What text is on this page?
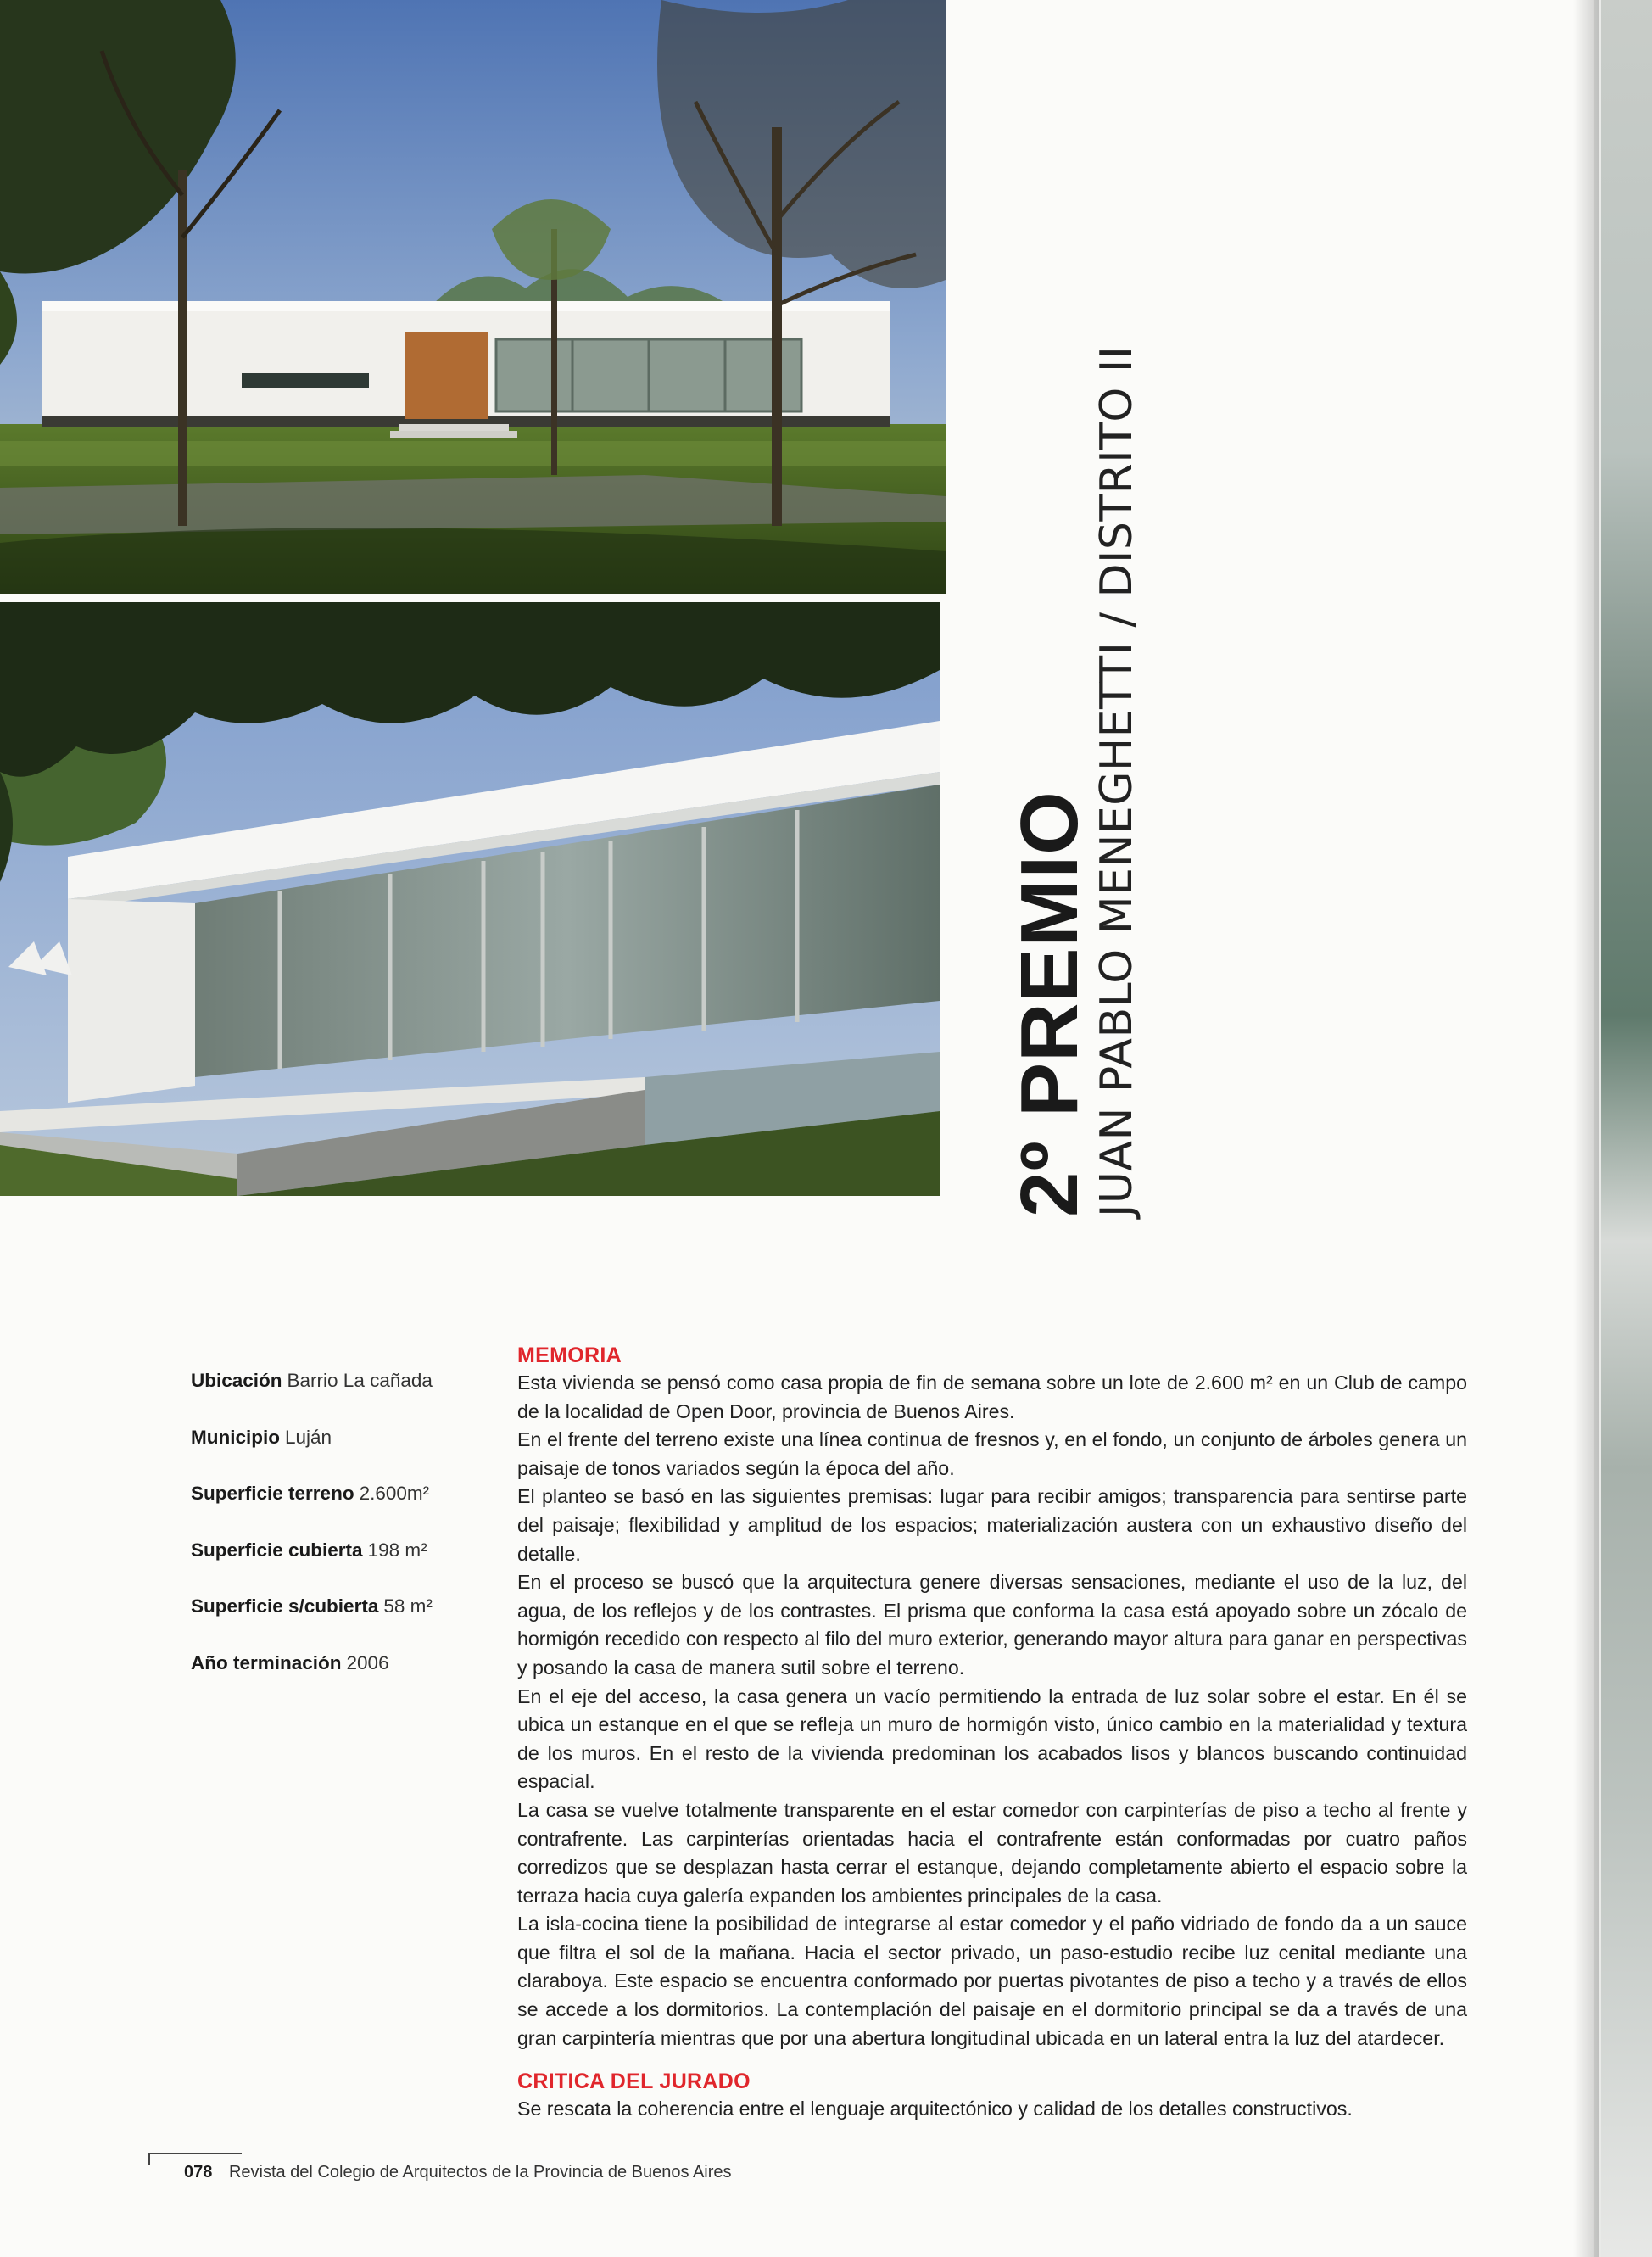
2º PREMIO
JUAN PABLO MENEGHETTI / DISTRITO II
Ubicación Barrio La cañada
Municipio Luján
Superficie terreno 2.600m²
Superficie cubierta 198 m²
Superficie s/cubierta 58 m²
Año terminación 2006
MEMORIA

Esta vivienda se pensó como casa propia de fin de semana sobre un lote de 2.600 m² en un Club de campo de la localidad de Open Door, provincia de Buenos Aires.

En el frente del terreno existe una línea continua de fresnos y, en el fondo, un conjunto de árboles genera un paisaje de tonos variados según la época del año.

El planteo se basó en las siguientes premisas: lugar para recibir amigos; transparencia para sentirse parte del paisaje; flexibilidad y amplitud de los espacios; materialización austera con un exhaustivo diseño del detalle.

En el proceso se buscó que la arquitectura genere diversas sensaciones, mediante el uso de la luz, del agua, de los reflejos y de los contrastes. El prisma que conforma la casa está apoyado sobre un zócalo de hormigón recedido con respecto al filo del muro exterior, generando mayor altura para ganar en perspectivas y posando la casa de manera sutil sobre el terreno.

En el eje del acceso, la casa genera un vacío permitiendo la entrada de luz solar sobre el estar. En él se ubica un estanque en el que se refleja un muro de hormigón visto, único cambio en la materialidad y textura de los muros. En el resto de la vivienda predominan los acabados lisos y blancos buscando continuidad espacial.

La casa se vuelve totalmente transparente en el estar comedor con carpinterías de piso a techo al frente y contrafrente. Las carpinterías orientadas hacia el contrafrente están conformadas por cuatro paños corredizos que se desplazan hasta cerrar el estanque, dejando completamente abierto el espacio sobre la terraza hacia cuya galería expanden los ambientes principales de la casa.

La isla-cocina tiene la posibilidad de integrarse al estar comedor y el paño vidriado de fondo da a un sauce que filtra el sol de la mañana. Hacia el sector privado, un paso-estudio recibe luz cenital mediante una claraboya. Este espacio se encuentra conformado por puertas pivotantes de piso a techo y a través de ellos se accede a los dormitorios. La contemplación del paisaje en el dormitorio principal se da a través de una gran carpintería mientras que por una abertura longitudinal ubicada en un lateral entra la luz del atardecer.

CRITICA DEL JURADO

Se rescata la coherencia entre el lenguaje arquitectónico y calidad de los detalles constructivos.

078 Revista del Colegio de Arquitectos de la Provincia de Buenos Aires
